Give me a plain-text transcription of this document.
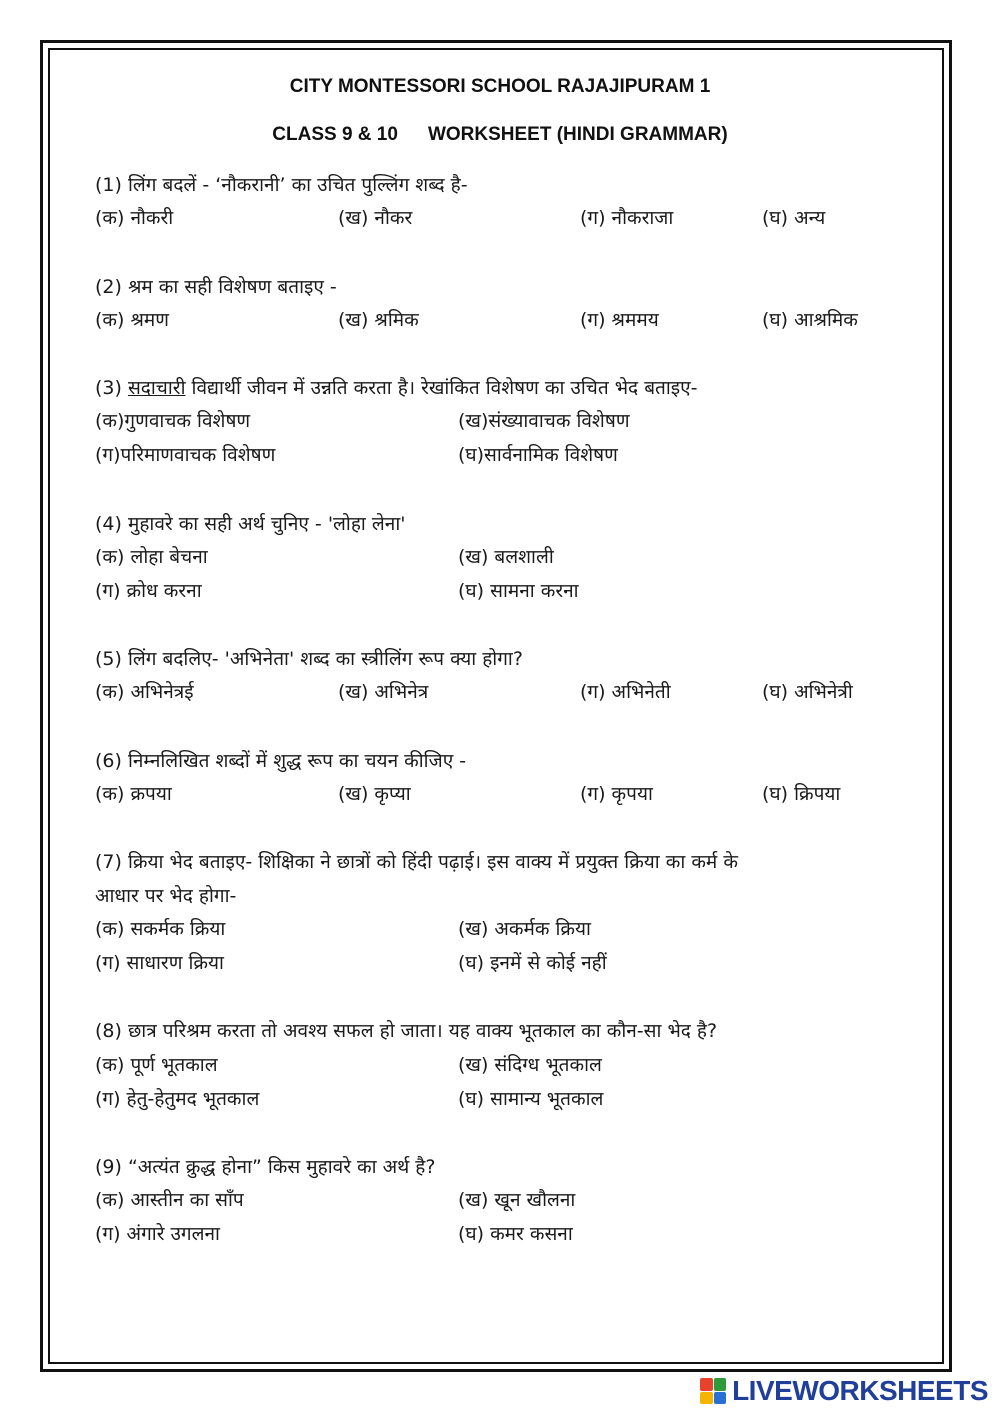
CITY MONTESSORI SCHOOL RAJAJIPURAM 1
CLASS 9 & 10 WORKSHEET (HINDI GRAMMAR)
(1) लिंग बदलें - ‘नौकरानी’ का उचित पुल्लिंग शब्द है-
(क) नौकरी	(ख) नौकर	(ग) नौकराजा	(घ) अन्य
(2) श्रम का सही विशेषण बताइए -
(क) श्रमण	(ख) श्रमिक	(ग) श्रममय	(घ) आश्रमिक
(3) सदाचारी विद्यार्थी जीवन में उन्नति करता है। रेखांकित विशेषण का उचित भेद बताइए-
(क)गुणवाचक विशेषण	(ख)संख्यावाचक विशेषण
(ग)परिमाणवाचक विशेषण	(घ)सार्वनामिक विशेषण
(4) मुहावरे का सही अर्थ चुनिए - 'लोहा लेना'
(क) लोहा बेचना	(ख) बलशाली
(ग) क्रोध करना	(घ) सामना करना
(5) लिंग बदलिए- 'अभिनेता' शब्द का स्त्रीलिंग रूप क्या होगा?
(क) अभिनेत्रई	(ख) अभिनेत्र	(ग) अभिनेती	(घ) अभिनेत्री
(6) निम्नलिखित शब्दों में शुद्ध रूप का चयन कीजिए -
(क) क्रपया	(ख) कृप्या	(ग) कृपया	(घ) क्रिपया
(7) क्रिया भेद बताइए- शिक्षिका ने छात्रों को हिंदी पढ़ाई। इस वाक्य में प्रयुक्त क्रिया का कर्म के
आधार पर भेद होगा-
(क) सकर्मक क्रिया	(ख) अकर्मक क्रिया
(ग) साधारण क्रिया	(घ) इनमें से कोई नहीं
(8) छात्र परिश्रम करता तो अवश्य सफल हो जाता। यह वाक्य भूतकाल का कौन-सा भेद है?
(क) पूर्ण भूतकाल	(ख) संदिग्ध भूतकाल
(ग) हेतु-हेतुमद भूतकाल	(घ) सामान्य भूतकाल
(9) “अत्यंत क्रुद्ध होना” किस मुहावरे का अर्थ है?
(क) आस्तीन का साँप	(ख) खून खौलना
(ग) अंगारे उगलना	(घ) कमर कसना
LIVEWORKSHEETS
